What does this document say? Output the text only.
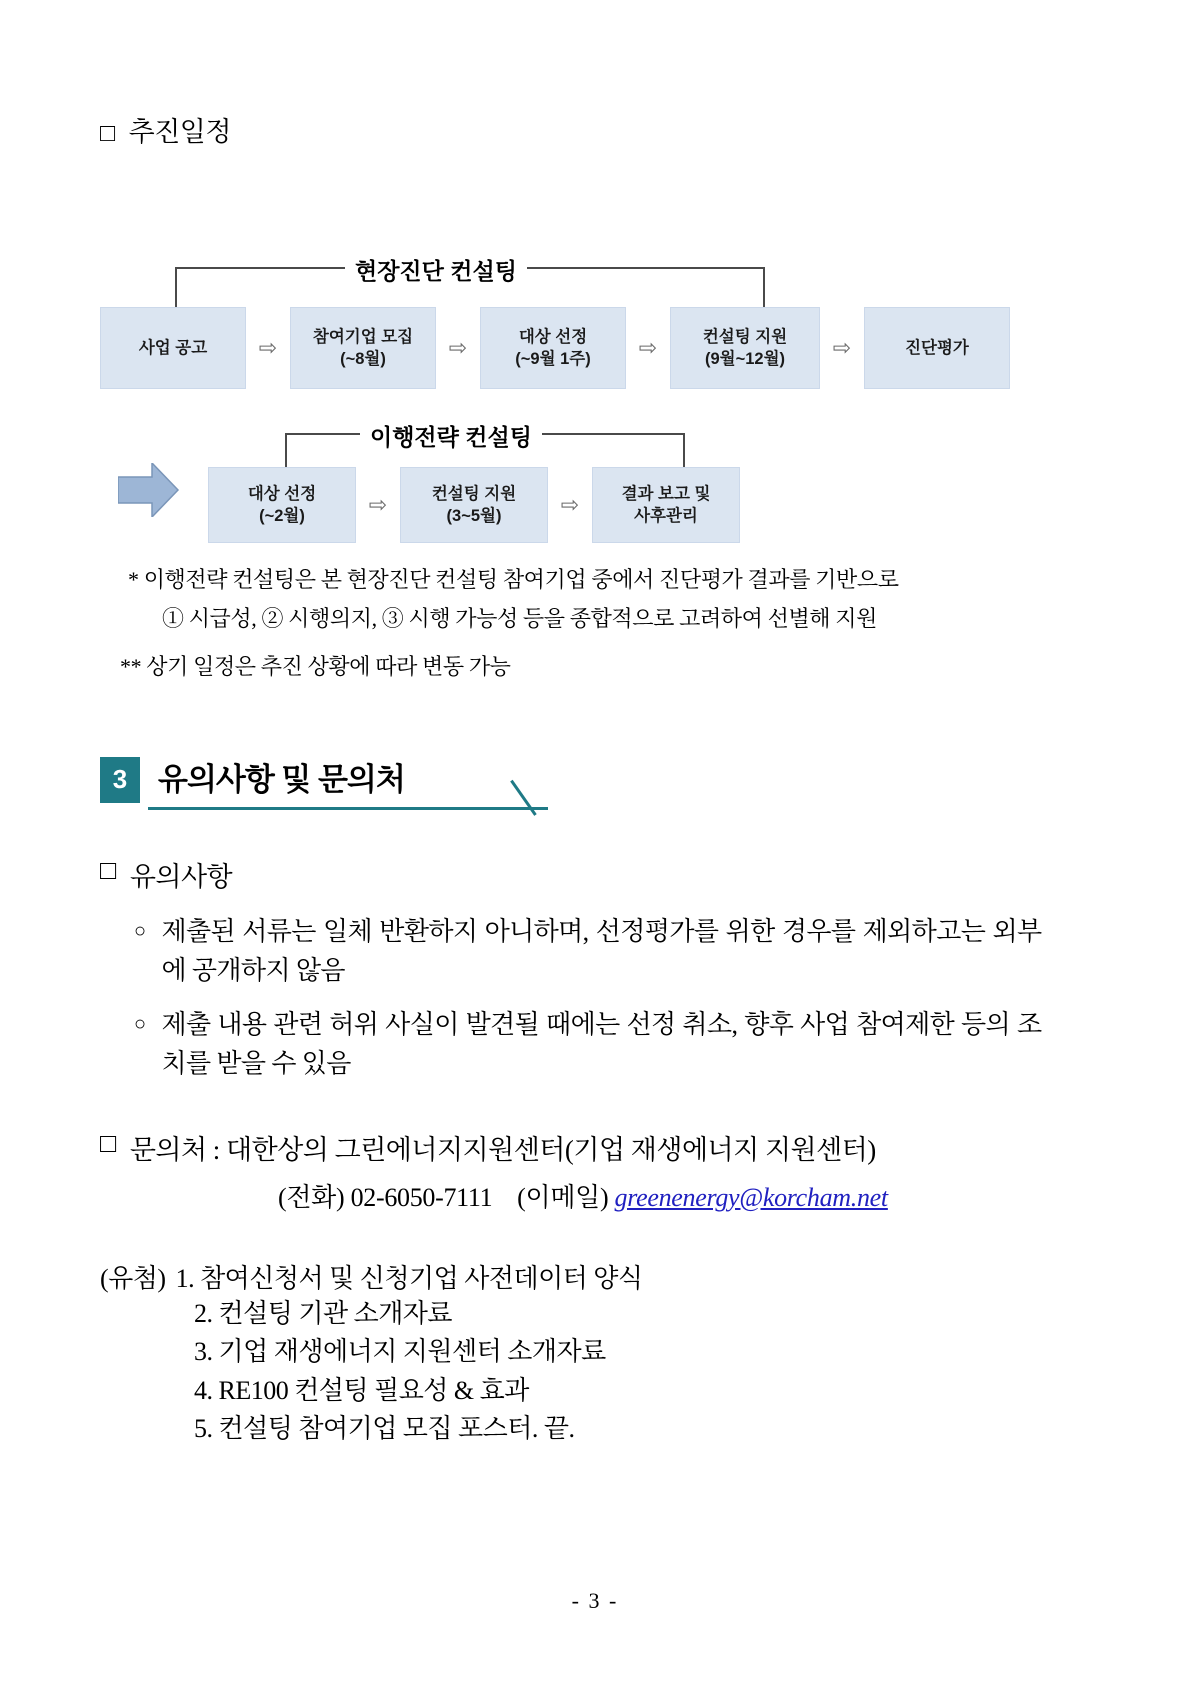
□ 추진일정
현장진단 컨설팅
사업 공고	⇨	참여기업 모집
(~8월)	⇨	대상 선정
(~9월 1주)	⇨	컨설팅 지원
(9월~12월)	⇨	진단평가
이행전략 컨설팅
대상 선정
(~2월)	⇨	컨설팅 지원
(3~5월)	⇨	결과 보고 및
사후관리
* 이행전략 컨설팅은 본 현장진단 컨설팅 참여기업 중에서 진단평가 결과를 기반으로
① 시급성, ② 시행의지, ③ 시행 가능성 등을 종합적으로 고려하여 선별해 지원
** 상기 일정은 추진 상황에 따라 변동 가능
3 유의사항 및 문의처
□ 유의사항
○ 제출된 서류는 일체 반환하지 아니하며, 선정평가를 위한 경우를 제외하고는 외부에 공개하지 않음
○ 제출 내용 관련 허위 사실이 발견될 때에는 선정 취소, 향후 사업 참여제한 등의 조치를 받을 수 있음
□ 문의처 : 대한상의 그린에너지지원센터(기업 재생에너지 지원센터)
(전화) 02-6050-7111 (이메일) greenenergy@korcham.net
(유첨) 1. 참여신청서 및 신청기업 사전데이터 양식
2. 컨설팅 기관 소개자료
3. 기업 재생에너지 지원센터 소개자료
4. RE100 컨설팅 필요성 & 효과
5. 컨설팅 참여기업 모집 포스터. 끝.
- 3 -
